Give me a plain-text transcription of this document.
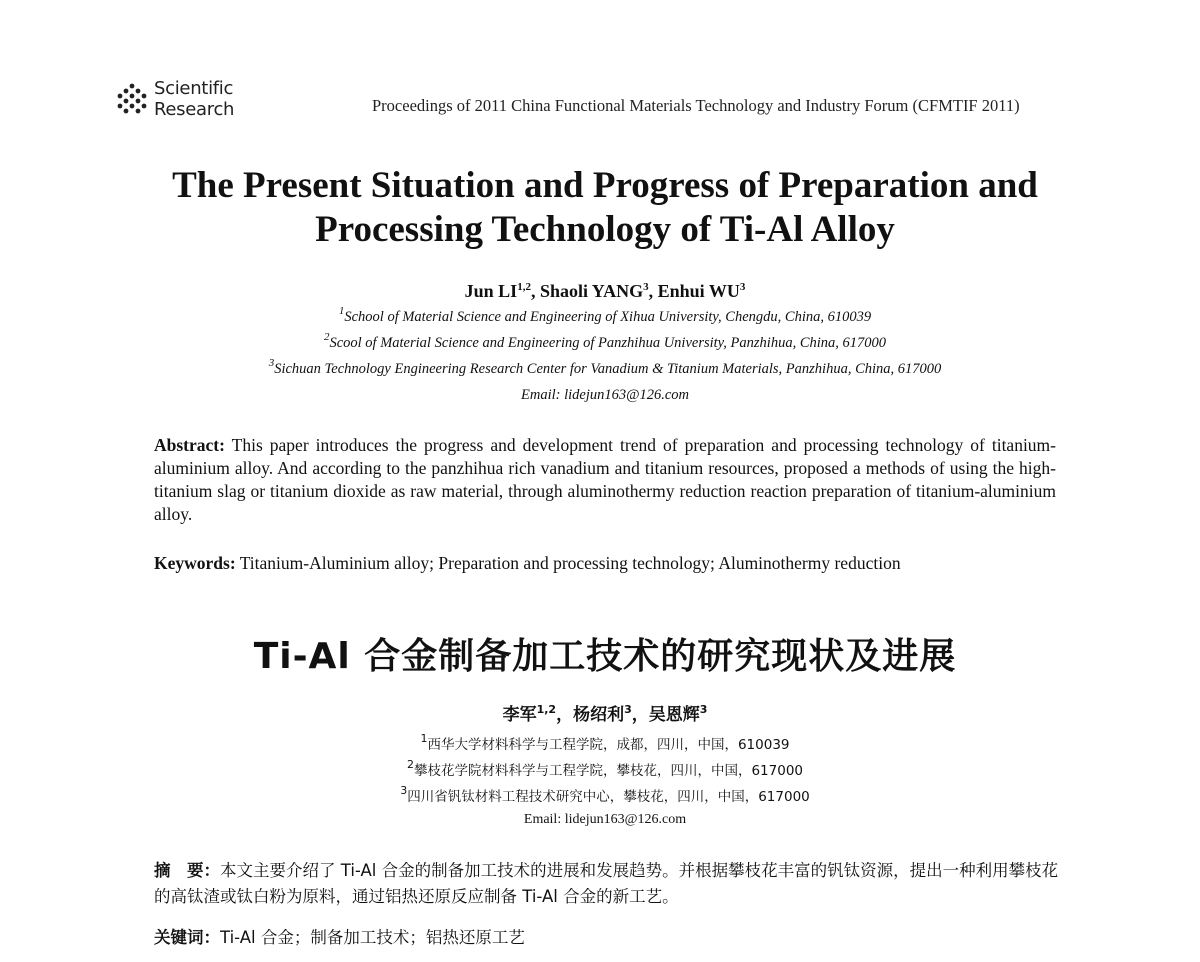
Scientific
Research	Proceedings of 2011 China Functional Materials Technology and Industry Forum (CFMTIF 2011)
The Present Situation and Progress of Preparation and
Processing Technology of Ti-Al Alloy
Jun LI$^{1,2}$, Shaoli YANG$^3$, Enhui $WU^3$
$^1$School of Material Science and Engineering of Xihua University, Chengdu, China, 610039
$^2$Scool of Material Science and Engineering of Panzhihua University, Panzhihua, China, 617000
$^3$Sichuan Technology Engineering Research Center for Vanadium & Titanium Materials, Panzhihua, China, 617000
Email: lidejun163@126.com
Abstract: This paper introduces the progress and development trend of preparation and processing technology of titanium-aluminium alloy. And according to the panzhihua rich vanadium and titanium resources, proposed a methods of using the high-titanium slag or titanium dioxide as raw material, through aluminothermy reduction reaction preparation of titanium-aluminium alloy.
Keywords: Titanium-Aluminium alloy; Preparation and processing technology; Aluminothermy reduction
Ti-Al 合金制备加工技术的研究现状及进展
李军$^{1,2}$，杨绍利$^3$，吴恩辉$^3$
$^1$西华大学材料科学与工程学院，成都，四川，中国，610039
$^2$攀枝花学院材料科学与工程学院，攀枝花，四川，中国，617000
$^3$四川省钒钛材料工程技术研究中心，攀枝花，四川，中国，617000
Email: lidejun163@126.com
摘　要：本文主要介绍了 Ti-Al 合金的制备加工技术的进展和发展趋势。并根据攀枝花丰富的钒钛资源，提出一种利用攀枝花的高钛渣或钛白粉为原料，通过铝热还原反应制备 Ti-Al 合金的新工艺。
关键词：Ti-Al 合金；制备加工技术；铝热还原工艺
